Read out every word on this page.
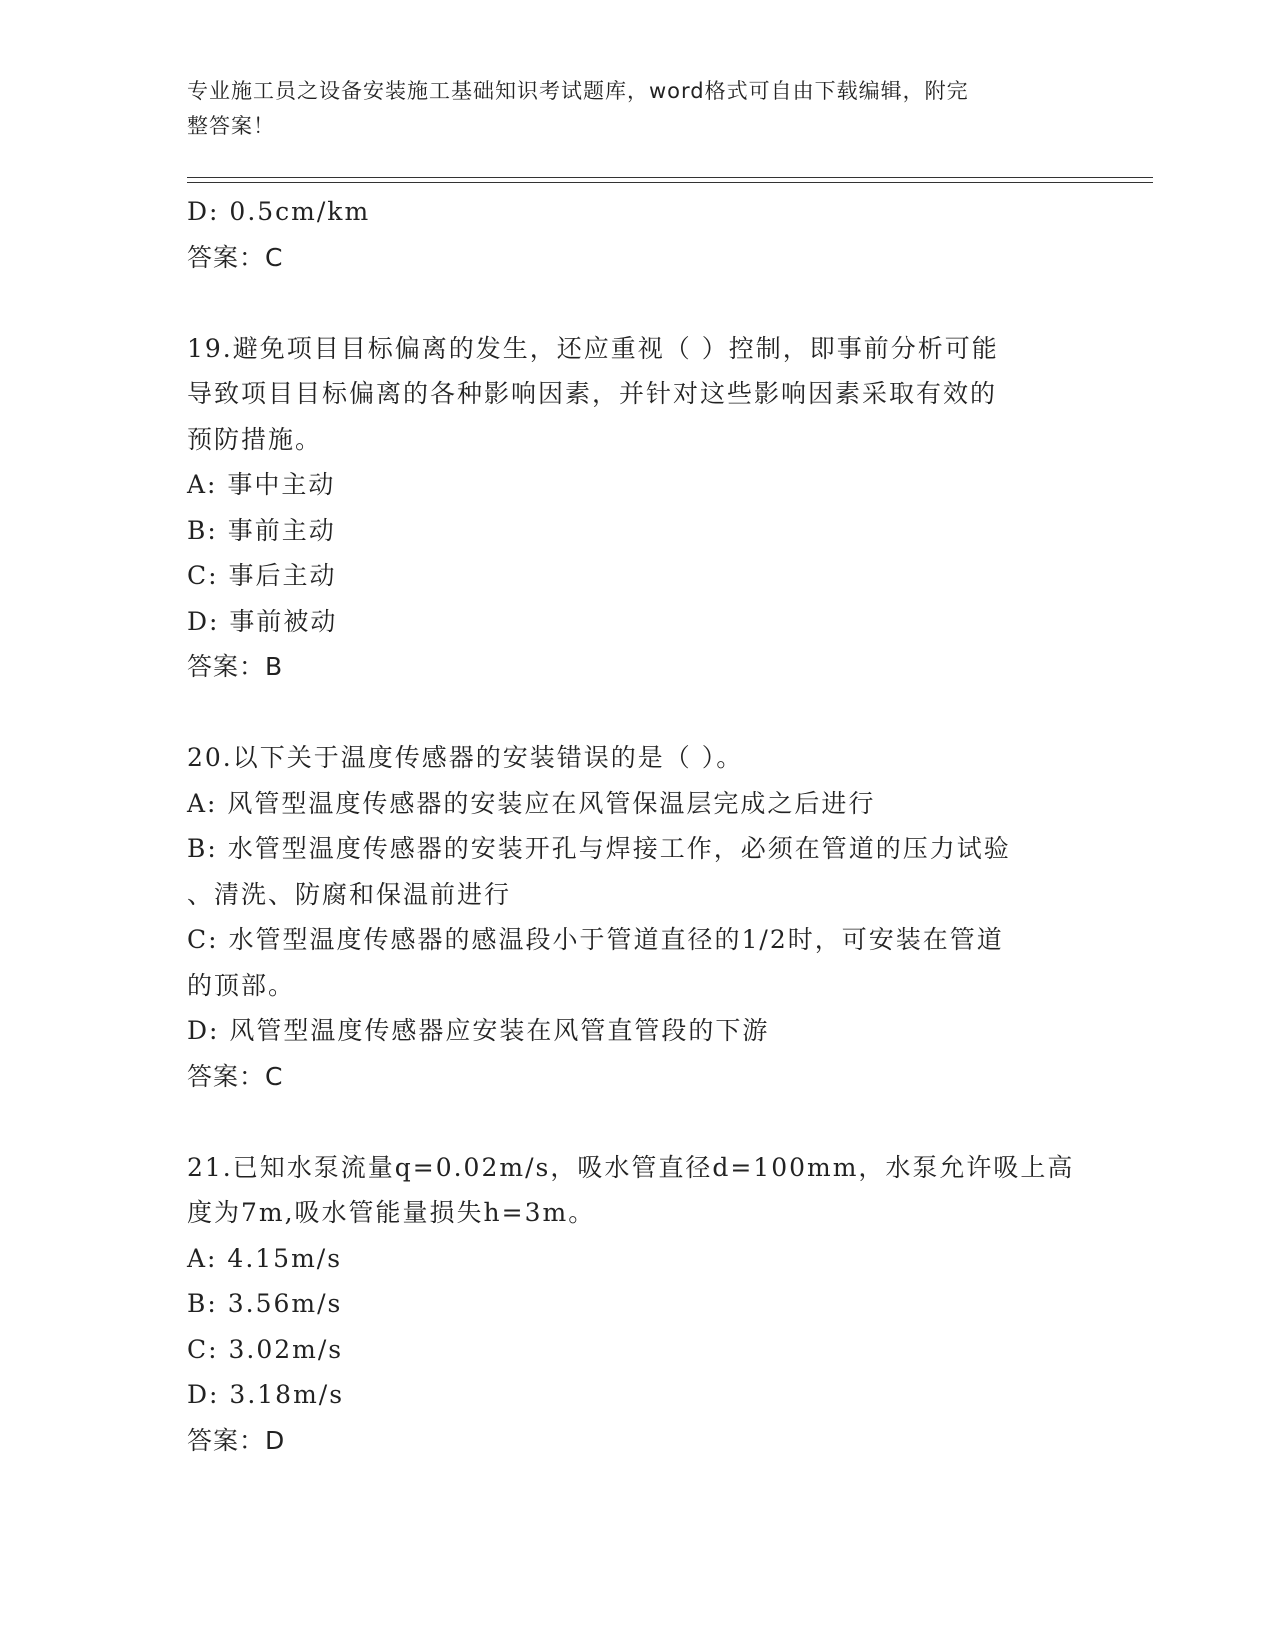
专业施工员之设备安装施工基础知识考试题库，word格式可自由下载编辑，附完
整答案！
D: 0.5cm/km
答案：C
19.避免项目目标偏离的发生，还应重视（ ）控制，即事前分析可能
导致项目目标偏离的各种影响因素，并针对这些影响因素采取有效的
预防措施。
A: 事中主动
B: 事前主动
C: 事后主动
D: 事前被动
答案：B
20.以下关于温度传感器的安装错误的是（ ）。
A: 风管型温度传感器的安装应在风管保温层完成之后进行
B: 水管型温度传感器的安装开孔与焊接工作，必须在管道的压力试验
、清洗、防腐和保温前进行
C: 水管型温度传感器的感温段小于管道直径的1/2时，可安装在管道
的顶部。
D: 风管型温度传感器应安装在风管直管段的下游
答案：C
21.已知水泵流量q=0.02m/s，吸水管直径d=100mm，水泵允许吸上高
度为7m,吸水管能量损失h=3m。
A: 4.15m/s
B: 3.56m/s
C: 3.02m/s
D: 3.18m/s
答案：D
